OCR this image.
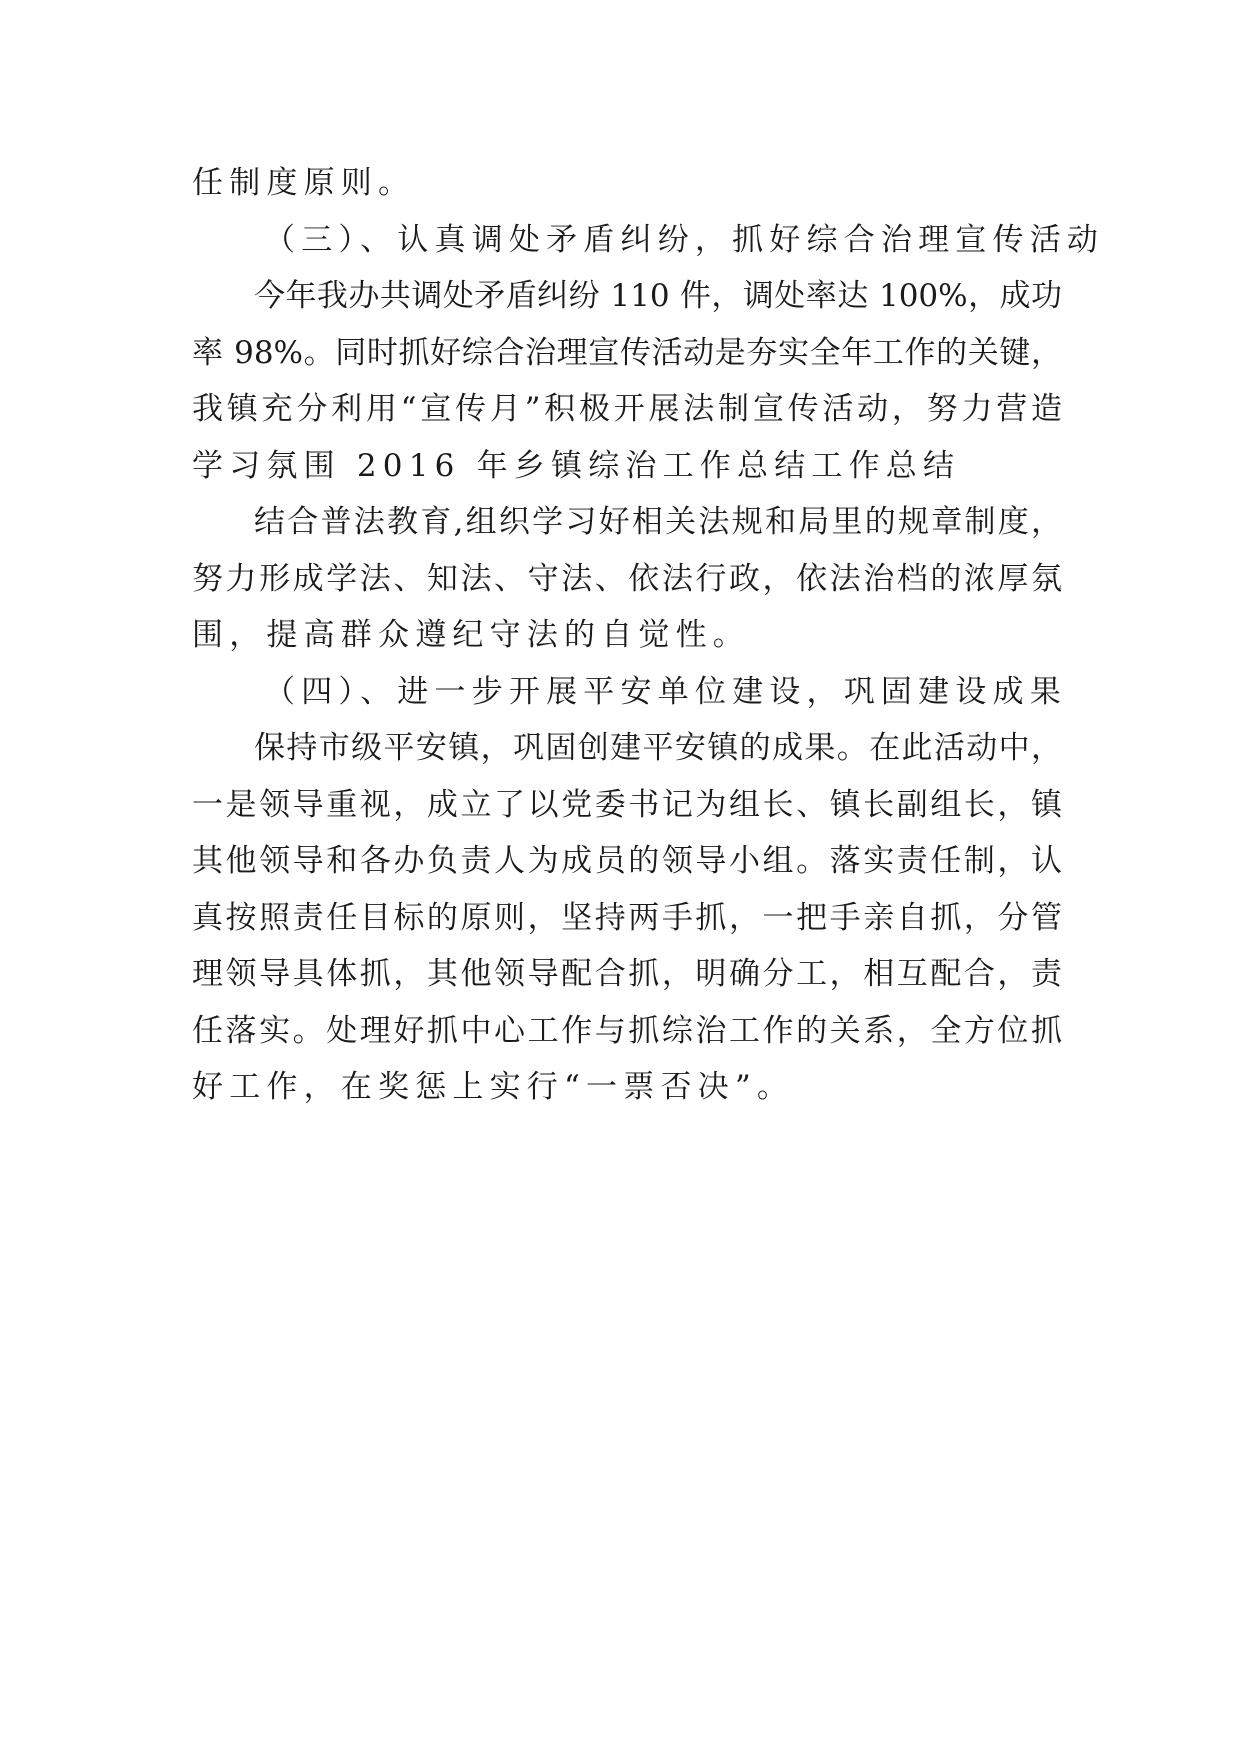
任制度原则。
（三）、认真调处矛盾纠纷，抓好综合治理宣传活动
今年我办共调处矛盾纠纷 110 件，调处率达 100%，成功
率 98%。同时抓好综合治理宣传活动是夯实全年工作的关键，
我镇充分利用“宣传月”积极开展法制宣传活动，努力营造
学习氛围 2016 年乡镇综治工作总结工作总结
结合普法教育,组织学习好相关法规和局里的规章制度，
努力形成学法、知法、守法、依法行政，依法治档的浓厚氛
围，提高群众遵纪守法的自觉性。
（四）、进一步开展平安单位建设，巩固建设成果
保持市级平安镇，巩固创建平安镇的成果。在此活动中，
一是领导重视，成立了以党委书记为组长、镇长副组长，镇
其他领导和各办负责人为成员的领导小组。落实责任制，认
真按照责任目标的原则，坚持两手抓，一把手亲自抓，分管
理领导具体抓，其他领导配合抓，明确分工，相互配合，责
任落实。处理好抓中心工作与抓综治工作的关系，全方位抓
好工作，在奖惩上实行“一票否决”。
